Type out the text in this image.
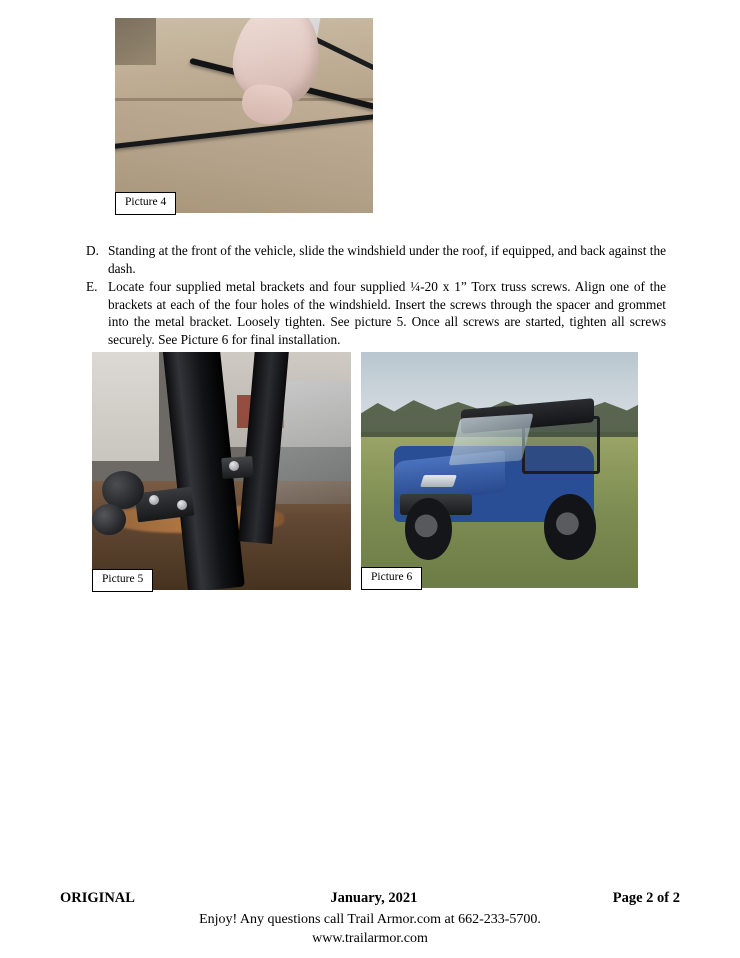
Picture 4
D. Standing at the front of the vehicle, slide the windshield under the roof, if equipped, and back against the dash.
E. Locate four supplied metal brackets and four supplied ¼-20 x 1” Torx truss screws. Align one of the brackets at each of the four holes of the windshield. Insert the screws through the spacer and grommet into the metal bracket. Loosely tighten. See picture 5. Once all screws are started, tighten all screws securely. See Picture 6 for final installation.
Picture 5	Picture 6
ORIGINAL	January, 2021	Page 2 of 2
Enjoy! Any questions call Trail Armor.com at 662-233-5700.
www.trailarmor.com
